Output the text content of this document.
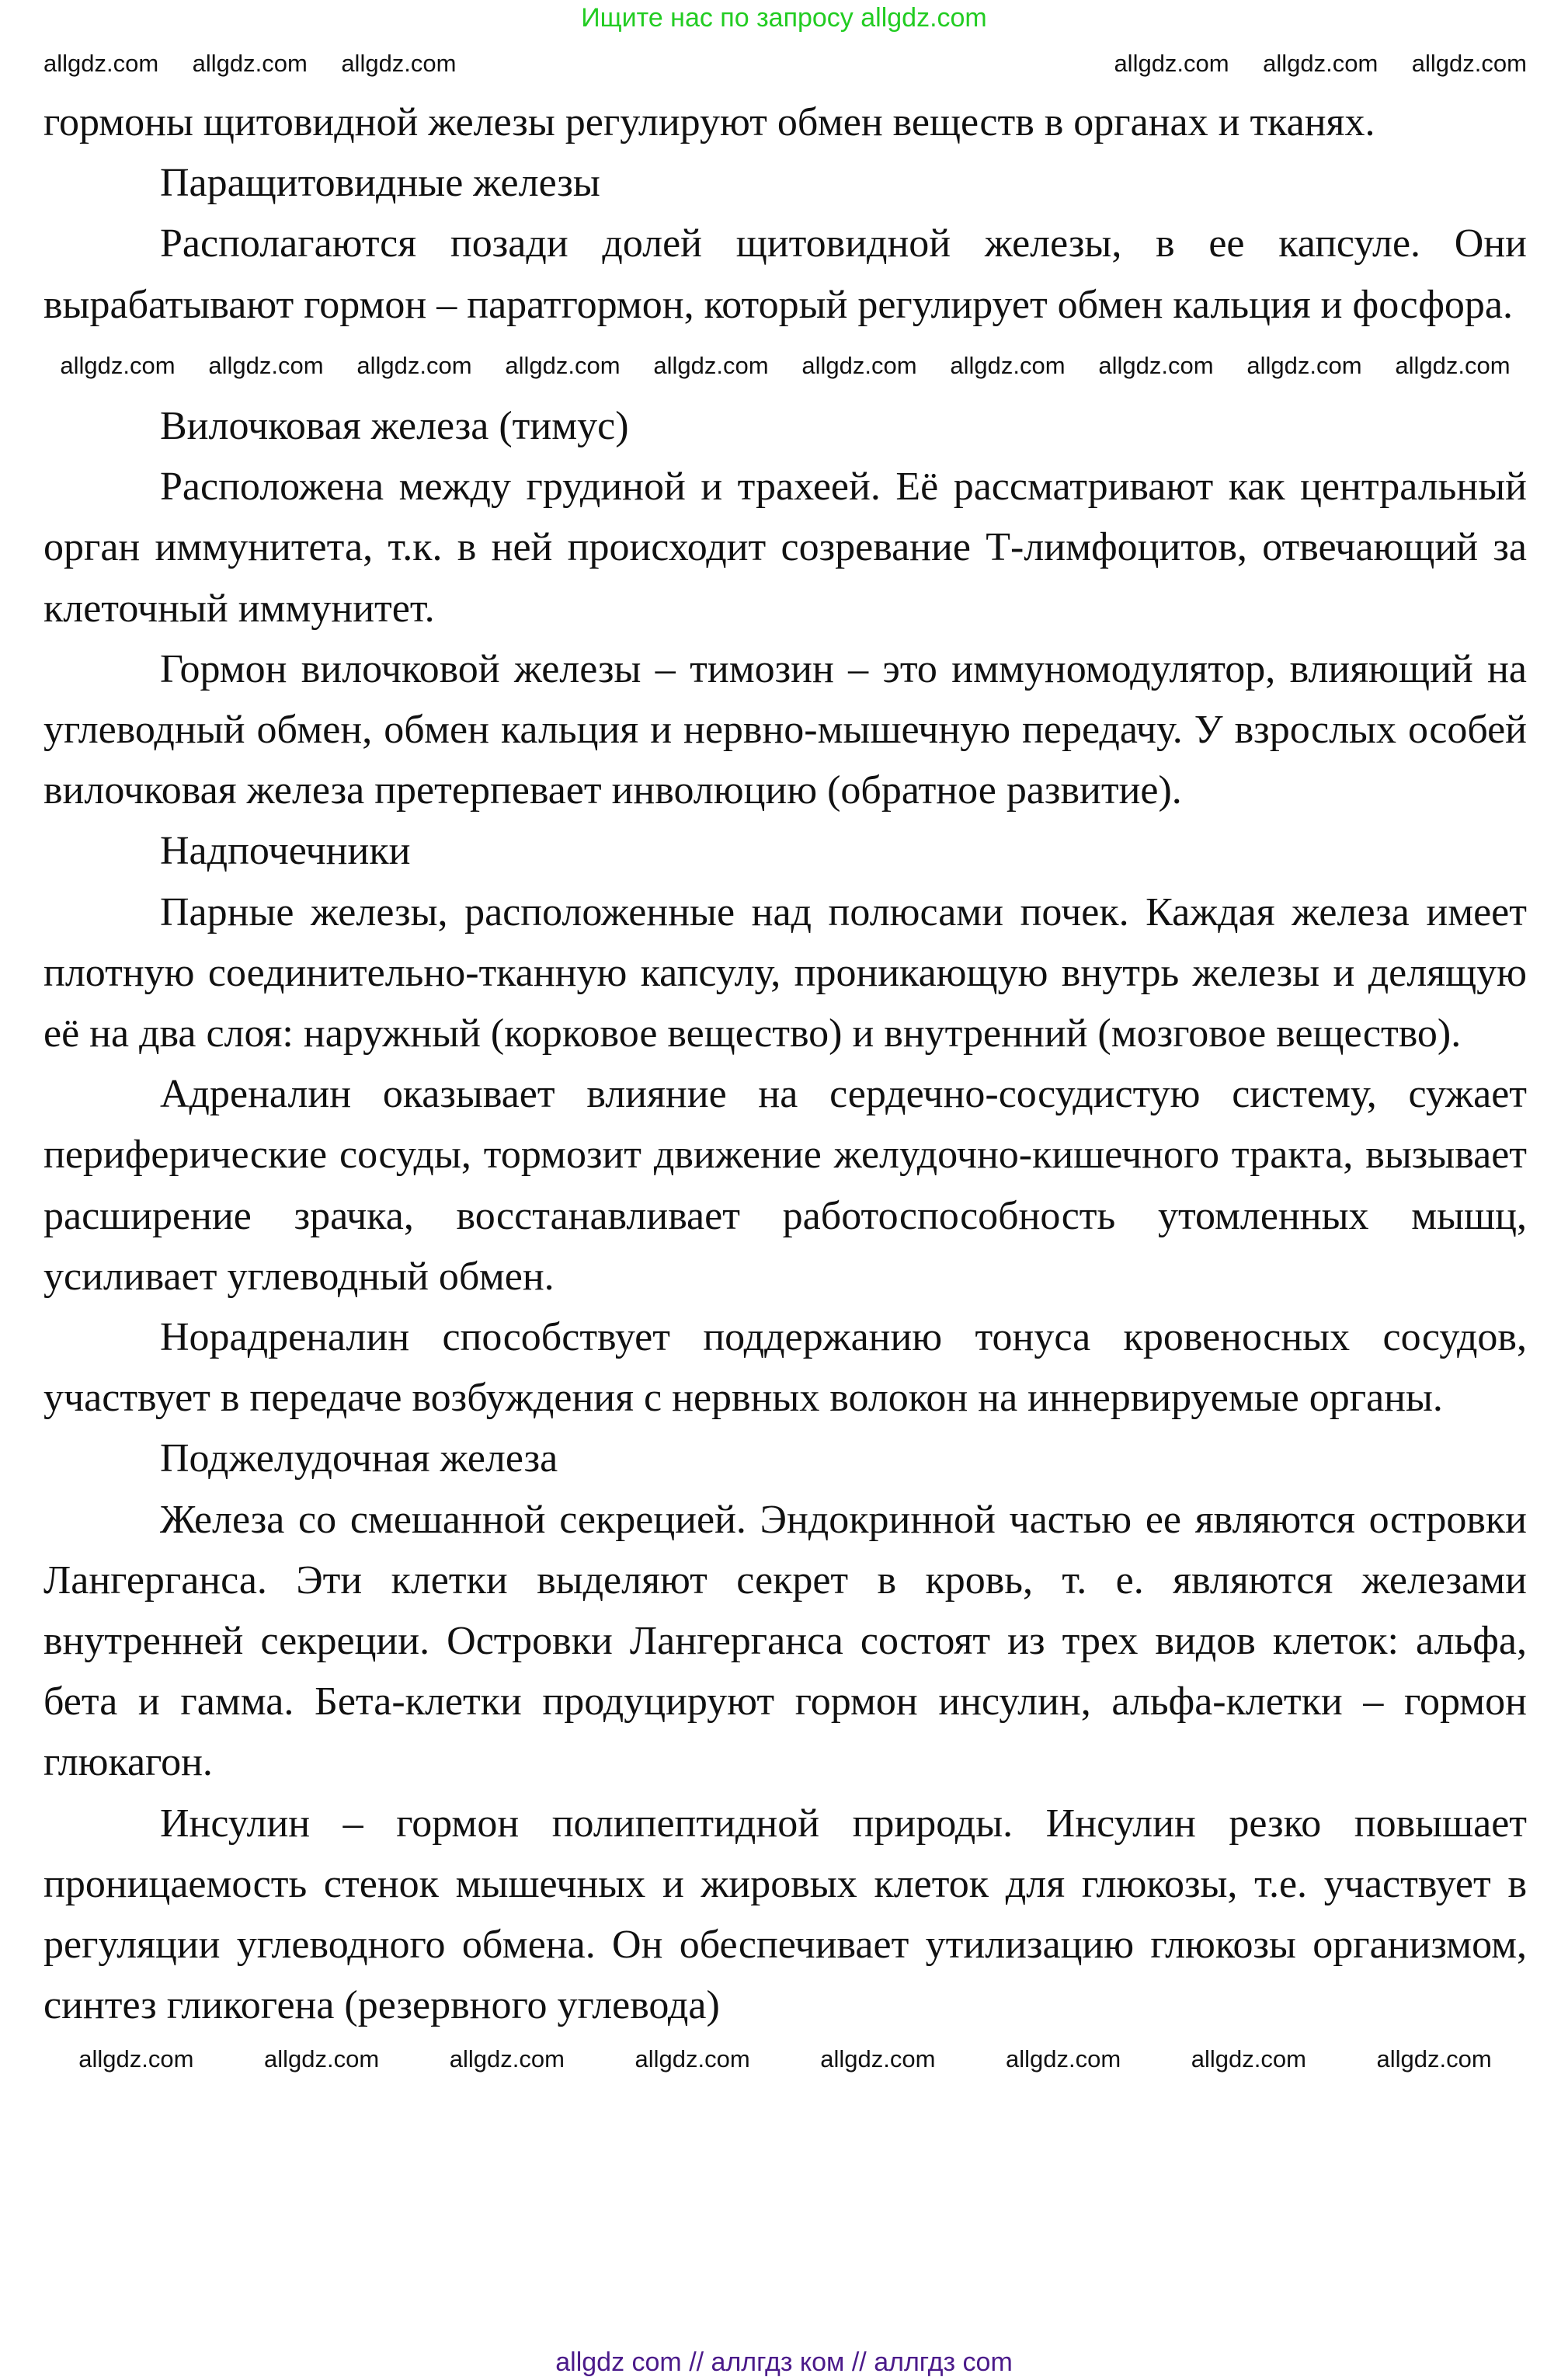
Ищите нас по запросу allgdz.com
allgdz.com allgdz.com allgdz.com	allgdz.com allgdz.com allgdz.com

гормоны щитовидной железы регулируют обмен веществ в органах и тканях.

Паращитовидные железы

Располагаются позади долей щитовидной железы, в ее капсуле. Они вырабатывают гормон – паратгормон, который регулирует обмен кальция и фосфора.

allgdz.com allgdz.com allgdz.com allgdz.com allgdz.com allgdz.com allgdz.com allgdz.com allgdz.com allgdz.com

Вилочковая железа (тимус)

Расположена между грудиной и трахеей. Её рассматривают как центральный орган иммунитета, т.к. в ней происходит созревание Т-лимфоцитов, отвечающий за клеточный иммунитет.

Гормон вилочковой железы – тимозин – это иммуномодулятор, влияющий на углеводный обмен, обмен кальция и нервно-мышечную передачу. У взрослых особей вилочковая железа претерпевает инволюцию (обратное развитие).

Надпочечники

Парные железы, расположенные над полюсами почек. Каждая железа имеет плотную соединительно-тканную капсулу, проникающую внутрь железы и делящую её на два слоя: наружный (корковое вещество) и внутренний (мозговое вещество).

Адреналин оказывает влияние на сердечно-сосудистую систему, сужает периферические сосуды, тормозит движение желудочно-кишечного тракта, вызывает расширение зрачка, восстанавливает работоспособность утомленных мышц, усиливает углеводный обмен.

Норадреналин способствует поддержанию тонуса кровеносных сосудов, участвует в передаче возбуждения с нервных волокон на иннервируемые органы.

Поджелудочная железа

Железа со смешанной секрецией. Эндокринной частью ее являются островки Лангерганса. Эти клетки выделяют секрет в кровь, т. е. являются железами внутренней секреции. Островки Лангерганса состоят из трех видов клеток: альфа, бета и гамма. Бета-клетки продуцируют гормон инсулин, альфа-клетки – гормон глюкагон.

Инсулин – гормон полипептидной природы. Инсулин резко повышает проницаемость стенок мышечных и жировых клеток для глюкозы, т.е. участвует в регуляции углеводного обмена. Он обеспечивает утилизацию глюкозы организмом, синтез гликогена (резервного углевода)

allgdz.com	allgdz.com	allgdz.com	allgdz.com	allgdz.com	allgdz.com	allgdz.com	allgdz.com
allgdz com // аллгдз ком // аллгдз com
